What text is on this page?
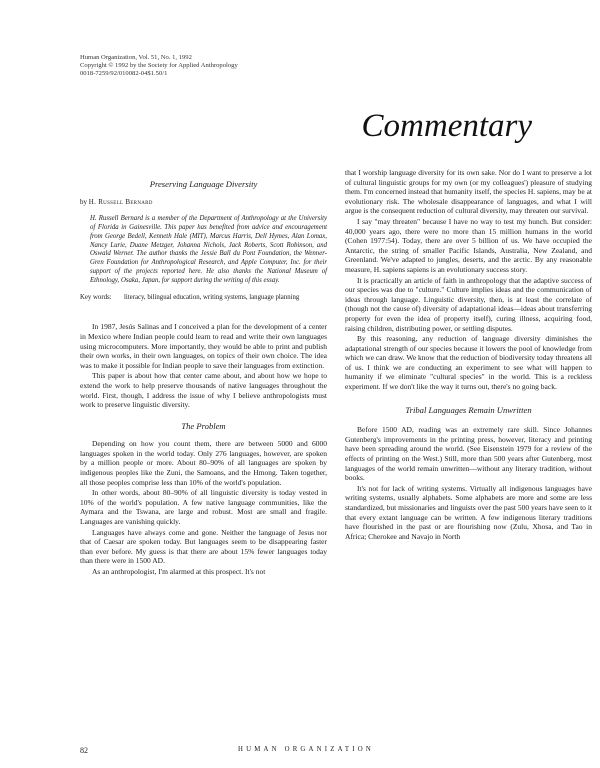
Human Organization, Vol. 51, No. 1, 1992
Copyright © 1992 by the Society for Applied Anthropology
0018-7259/92/010082-04$1.50/1
Commentary
Preserving Language Diversity
by H. Russell Bernard
H. Russell Bernard is a member of the Department of Anthropology at the University of Florida in Gainesville. This paper has benefited from advice and encouragement from George Bedell, Kenneth Hale (MIT), Marcus Harris, Dell Hymes, Alan Lomax, Nancy Lurie, Duane Metzger, Johanna Nichols, Jack Roberts, Scott Robinson, and Oswald Werner. The author thanks the Jessie Ball du Pont Foundation, the Wenner-Gren Foundation for Anthropological Research, and Apple Computer, Inc. for their support of the projects reported here. He also thanks the National Museum of Ethnology, Osaka, Japan, for support during the writing of this essay.
Key words:	literacy, bilingual education, writing systems, language planning

In 1987, Jesús Salinas and I conceived a plan for the development of a center in Mexico where Indian people could learn to read and write their own languages using microcomputers. More importantly, they would be able to print and publish their own works, in their own languages, on topics of their own choice. The idea was to make it possible for Indian people to save their languages from extinction.

This paper is about how that center came about, and about how we hope to extend the work to help preserve thousands of native languages throughout the world. First, though, I address the issue of why I believe anthropologists must work to preserve linguistic diversity.

The Problem

Depending on how you count them, there are between 5000 and 6000 languages spoken in the world today. Only 276 languages, however, are spoken by a million people or more. About 80–90% of all languages are spoken by indigenous peoples like the Zuni, the Samoans, and the Hmong. Taken together, all those peoples comprise less than 10% of the world's population.

In other words, about 80–90% of all linguistic diversity is today vested in 10% of the world's population. A few native language communities, like the Aymara and the Tswana, are large and robust. Most are small and fragile. Languages are vanishing quickly.

Languages have always come and gone. Neither the language of Jesus nor that of Caesar are spoken today. But languages seem to be disappearing faster than ever before. My guess is that there are about 15% fewer languages today than there were in 1500 AD.

As an anthropologist, I'm alarmed at this prospect. It's not

that I worship language diversity for its own sake. Nor do I want to preserve a lot of cultural linguistic groups for my own (or my colleagues') pleasure of studying them. I'm concerned instead that humanity itself, the species H. sapiens, may be at evolutionary risk. The wholesale disappearance of languages, and what I will argue is the consequent reduction of cultural diversity, may threaten our survival.

I say "may threaten" because I have no way to test my hunch. But consider: 40,000 years ago, there were no more than 15 million humans in the world (Cohen 1977:54). Today, there are over 5 billion of us. We have occupied the Antarctic, the string of smaller Pacific Islands, Australia, New Zealand, and Greenland. We've adapted to jungles, deserts, and the arctic. By any reasonable measure, H. sapiens sapiens is an evolutionary success story.

It is practically an article of faith in anthropology that the adaptive success of our species was due to "culture." Culture implies ideas and the communication of ideas through language. Linguistic diversity, then, is at least the correlate of (though not the cause of) diversity of adaptational ideas—ideas about transferring property for even the idea of property itself), curing illness, acquiring food, raising children, distributing power, or settling disputes.

By this reasoning, any reduction of language diversity diminishes the adaptational strength of our species because it lowers the pool of knowledge from which we can draw. We know that the reduction of biodiversity today threatens all of us. I think we are conducting an experiment to see what will happen to humanity if we eliminate "cultural species" in the world. This is a reckless experiment. If we don't like the way it turns out, there's no going back.

Tribal Languages Remain Unwritten

Before 1500 AD, reading was an extremely rare skill. Since Johannes Gutenberg's improvements in the printing press, however, literacy and printing have been spreading around the world. (See Eisenstein 1979 for a review of the effects of printing on the West.) Still, more than 500 years after Gutenberg, most languages of the world remain unwritten—without any literary tradition, without books.

It's not for lack of writing systems. Virtually all indigenous languages have writing systems, usually alphabets. Some alphabets are more and some are less standardized, but missionaries and linguists over the past 500 years have seen to it that every extant language can be written. A few indigenous literary traditions have flourished in the past or are flourishing now (Zulu, Xhosa, and Tao in Africa; Cherokee and Navajo in North

82	HUMAN ORGANIZATION
